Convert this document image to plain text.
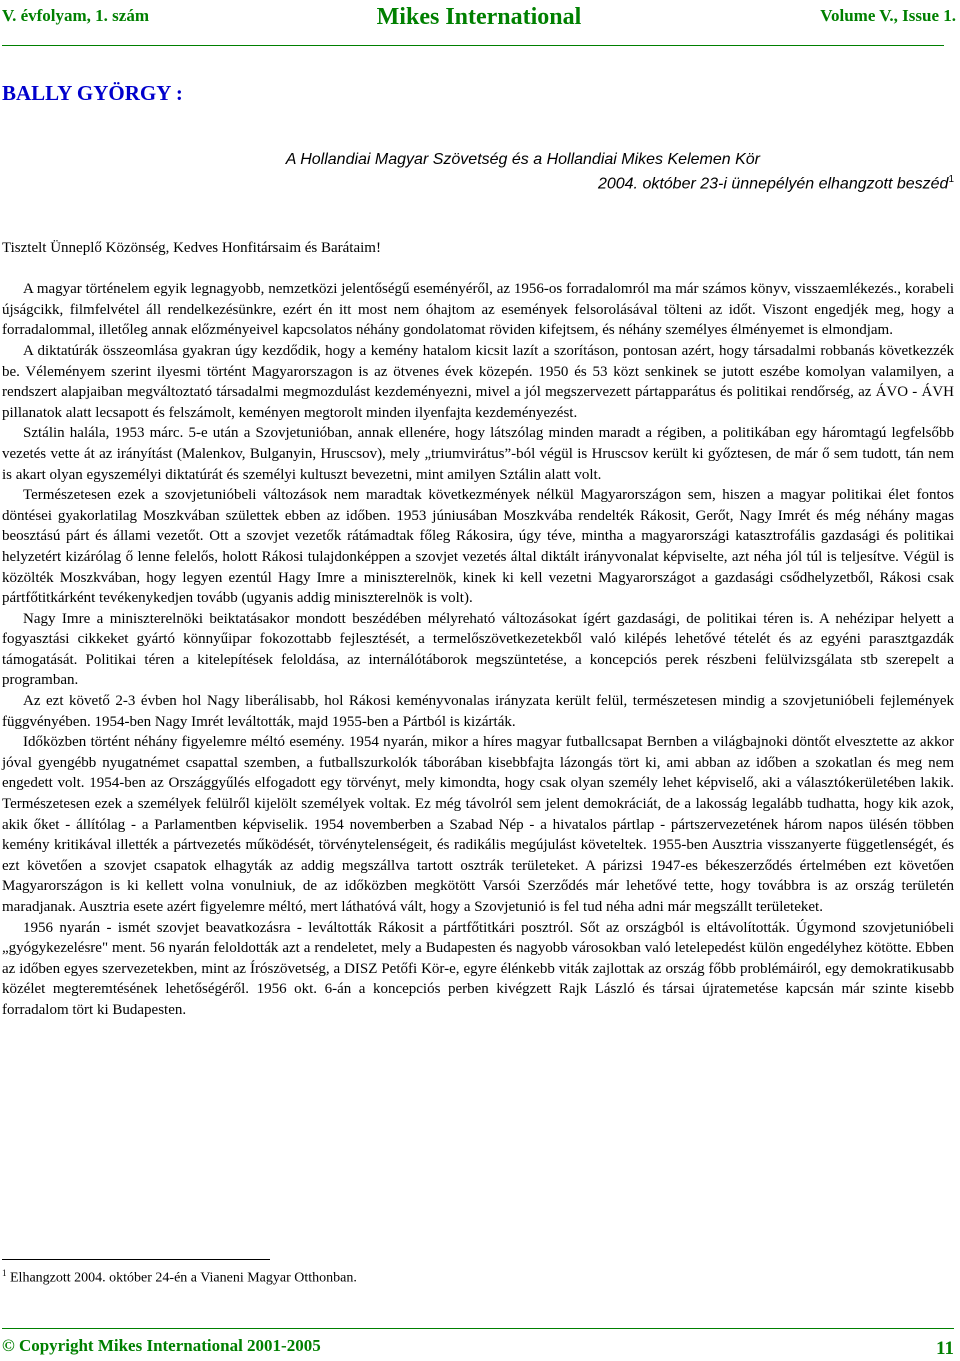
V. évfolyam, 1. szám	Mikes International	Volume V., Issue 1.
BALLY GYÖRGY :
A Hollandiai Magyar Szövetség és a Hollandiai Mikes Kelemen Kör
2004. október 23-i ünnepélyén elhangzott beszéd$^1$

Tisztelt Ünneplő Közönség, Kedves Honfitársaim és Barátaim!

A magyar történelem egyik legnagyobb, nemzetközi jelentőségű eseményéről, az 1956-os forradalomról ma már számos könyv, visszaemlékezés., korabeli újságcikk, filmfelvétel áll rendelkezésünkre, ezért én itt most nem óhajtom az események felsorolásával tölteni az időt. Viszont engedjék meg, hogy a forradalommal, illetőleg annak előzményeivel kapcsolatos néhány gondolatomat röviden kifejtsem, és néhány személyes élményemet is elmondjam.

A diktatúrák összeomlása gyakran úgy kezdődik, hogy a kemény hatalom kicsit lazít a szorításon, pontosan azért, hogy társadalmi robbanás következzék be. Véleményem szerint ilyesmi történt Magyarorszagon is az ötvenes évek közepén. 1950 és 53 közt senkinek se jutott eszébe komolyan valamilyen, a rendszert alapjaiban megváltoztató társadalmi megmozdulást kezdeményezni, mivel a jól megszervezett pártapparátus és politikai rendőrség, az ÁVO - ÁVH pillanatok alatt lecsapott és felszámolt, keményen megtorolt minden ilyenfajta kezdeményezést.

Sztálin halála, 1953 márc. 5-e után a Szovjetunióban, annak ellenére, hogy látszólag minden maradt a régiben, a politikában egy háromtagú legfelsőbb vezetés vette át az irányítást (Malenkov, Bulganyin, Hruscsov), mely „triumvirátus”-ból végül is Hruscsov került ki győztesen, de már ő sem tudott, tán nem is akart olyan egyszemélyi diktatúrát és személyi kultuszt bevezetni, mint amilyen Sztálin alatt volt.

Természetesen ezek a szovjetunióbeli változások nem maradtak következmények nélkül Magyarországon sem, hiszen a magyar politikai élet fontos döntései gyakorlatilag Moszkvában születtek ebben az időben. 1953 júniusában Moszkvába rendelték Rákosit, Gerőt, Nagy Imrét és még néhány magas beosztású párt és állami vezetőt. Ott a szovjet vezetők rátámadtak főleg Rákosira, úgy téve, mintha a magyarországi katasztrofális gazdasági és politikai helyzetért kizárólag ő lenne felelős, holott Rákosi tulajdonképpen a szovjet vezetés által diktált irányvonalat képviselte, azt néha jól túl is teljesítve. Végül is közölték Moszkvában, hogy legyen ezentúl Hagy Imre a miniszterelnök, kinek ki kell vezetni Magyarországot a gazdasági csődhelyzetből, Rákosi csak pártfőtitkárként tevékenykedjen tovább (ugyanis addig miniszterelnök is volt).

Nagy Imre a miniszterelnöki beiktatásakor mondott beszédében mélyreható változásokat ígért gazdasági, de politikai téren is. A nehézipar helyett a fogyasztási cikkeket gyártó könnyűipar fokozottabb fejlesztését, a termelőszövetkezetekből való kilépés lehetővé tételét és az egyéni parasztgazdák támogatását. Politikai téren a kitelepítések feloldása, az internálótáborok megszüntetése, a koncepciós perek részbeni felülvizsgálata stb szerepelt a programban.

Az ezt követő 2-3 évben hol Nagy liberálisabb, hol Rákosi keményvonalas irányzata került felül, természetesen mindig a szovjetunióbeli fejlemények függvényében. 1954-ben Nagy Imrét leváltották, majd 1955-ben a Pártból is kizárták.

Időközben történt néhány figyelemre méltó esemény. 1954 nyarán, mikor a híres magyar futballcsapat Bernben a világbajnoki döntőt elvesztette az akkor jóval gyengébb nyugatnémet csapattal szemben, a futballszurkolók táborában kisebbfajta lázongás tört ki, ami abban az időben a szokatlan és meg nem engedett volt. 1954-ben az Országgyűlés elfogadott egy törvényt, mely kimondta, hogy csak olyan személy lehet képviselő, aki a választókerületében lakik. Természetesen ezek a személyek felülről kijelölt személyek voltak. Ez még távolról sem jelent demokráciát, de a lakosság legalább tudhatta, hogy kik azok, akik őket - állítólag - a Parlamentben képviselik. 1954 novemberben a Szabad Nép - a hivatalos pártlap - pártszervezetének három napos ülésén többen kemény kritikával illették a pártvezetés működését, törvénytelenségeit, és radikális megújulást követeltek. 1955-ben Ausztria visszanyerte függetlenségét, és ezt követően a szovjet csapatok elhagyták az addig megszállva tartott osztrák területeket. A párizsi 1947-es békeszerződés értelmében ezt követően Magyarországon is ki kellett volna vonulniuk, de az időközben megkötött Varsói Szerződés már lehetővé tette, hogy továbbra is az ország területén maradjanak. Ausztria esete azért figyelemre méltó, mert láthatóvá vált, hogy a Szovjetunió is fel tud néha adni már megszállt területeket.

1956 nyarán - ismét szovjet beavatkozásra - leváltották Rákosit a pártfőtitkári posztról. Sőt az országból is eltávolították. Úgymond szovjetunióbeli „gyógykezelésre" ment. 56 nyarán feloldották azt a rendeletet, mely a Budapesten és nagyobb városokban való letelepedést külön engedélyhez kötötte. Ebben az időben egyes szervezetekben, mint az Írószövetség, a DISZ Petőfi Kör-e, egyre élénkebb viták zajlottak az ország főbb problémáiról, egy demokratikusabb közélet megteremtésének lehetőségéről. 1956 okt. 6-án a koncepciós perben kivégzett Rajk László és társai újratemetése kapcsán már szinte kisebb forradalom tört ki Budapesten.

$^1$ Elhangzott 2004. október 24-én a Vianeni Magyar Otthonban.
© Copyright Mikes International 2001-2005	11
